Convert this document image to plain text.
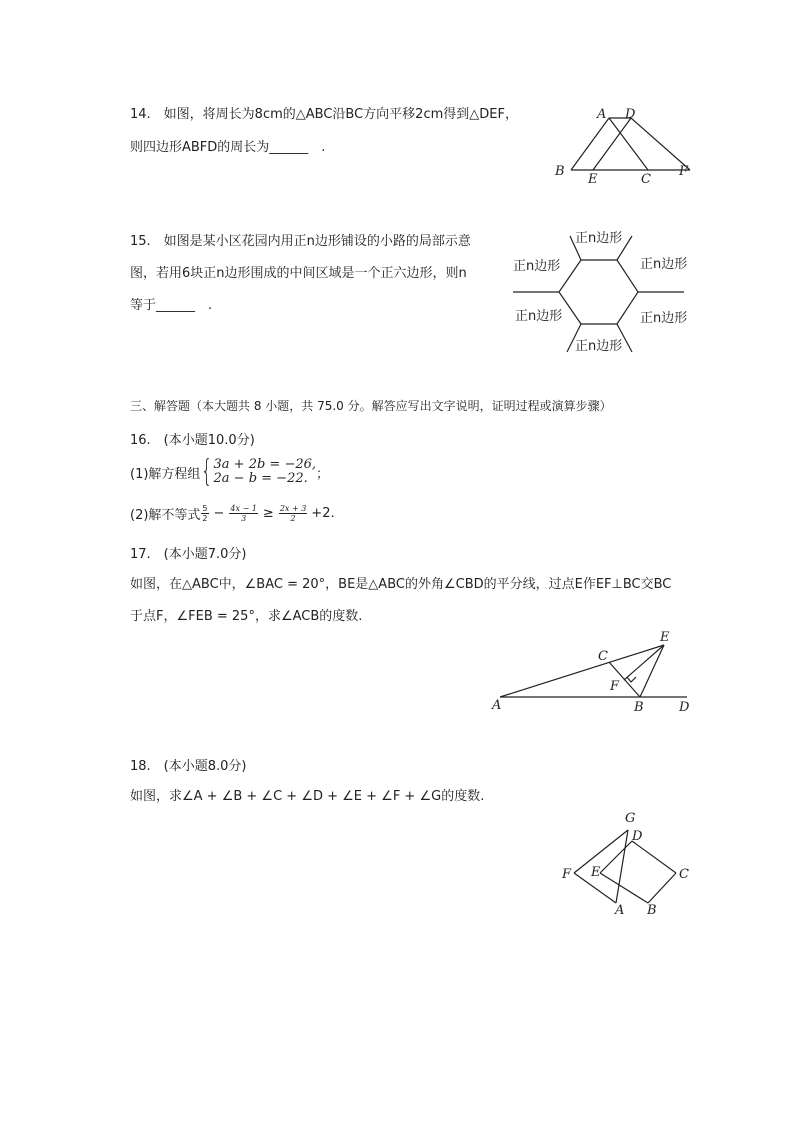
14. 如图，将周长为8cm的△ABC沿BC方向平移2cm得到△DEF，
则四边形ABFD的周长为______　.
A D
B
E	C
F
15. 如图是某小区花园内用正n边形铺设的小路的局部示意
图，若用6块正n边形围成的中间区域是一个正六边形，则n
等于______　.
正n边形
正n边形	正n边形
正n边形	正n边形
正n边形
三、解答题（本大题共 8 小题，共 75.0 分。解答应写出文字说明，证明过程或演算步骤）
16. (本小题10.0分)
(1)解方程组 { 3a + 2b = −26,
2a − b = −22. ；
(2)解不等式 $\frac{5}{2} - \frac{4x - 1}{3} \ge \frac{2x + 3}{2} +2$.
17. (本小题7.0分)
如图，在△ABC中，∠BAC = 20°，BE是△ABC的外角∠CBD的平分线，过点E作EF⊥BC交BC
于点F，∠FEB = 25°，求∠ACB的度数.
A	B
C
D
E
F
18. (本小题8.0分)
如图，求∠A + ∠B + ∠C + ∠D + ∠E + ∠F + ∠G的度数.
G
D
F E	C
A B
